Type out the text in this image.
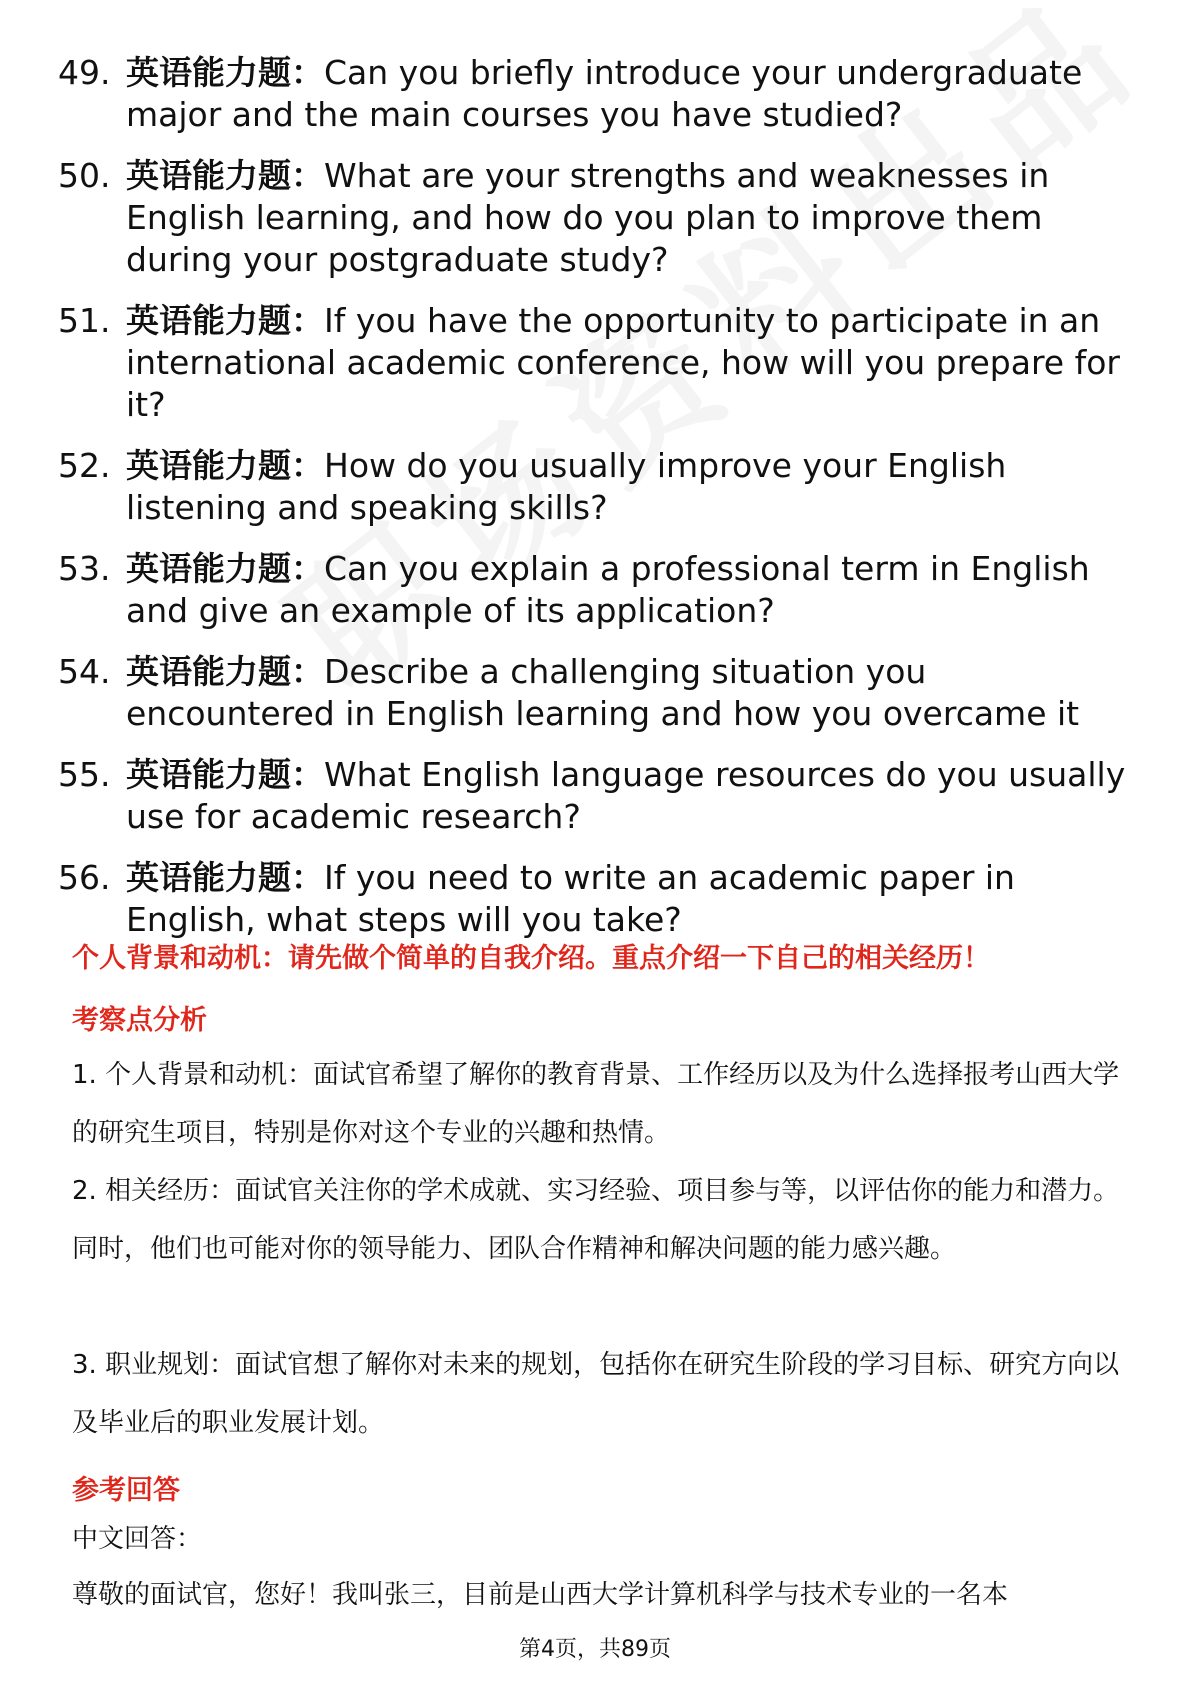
49. 英语能力题：Can you briefly introduce your undergraduate major and the main courses you have studied?
50. 英语能力题：What are your strengths and weaknesses in English learning, and how do you plan to improve them during your postgraduate study?
51. 英语能力题：If you have the opportunity to participate in an international academic conference, how will you prepare for it?
52. 英语能力题：How do you usually improve your English listening and speaking skills?
53. 英语能力题：Can you explain a professional term in English and give an example of its application?
54. 英语能力题：Describe a challenging situation you encountered in English learning and how you overcame it
55. 英语能力题：What English language resources do you usually use for academic research?
56. 英语能力题：If you need to write an academic paper in English, what steps will you take?
个人背景和动机：请先做个简单的自我介绍。重点介绍一下自己的相关经历！
考察点分析
1. 个人背景和动机：面试官希望了解你的教育背景、工作经历以及为什么选择报考山西大学的研究生项目，特别是你对这个专业的兴趣和热情。
2. 相关经历：面试官关注你的学术成就、实习经验、项目参与等，以评估你的能力和潜力。同时，他们也可能对你的领导能力、团队合作精神和解决问题的能力感兴趣。
3. 职业规划：面试官想了解你对未来的规划，包括你在研究生阶段的学习目标、研究方向以及毕业后的职业发展计划。
参考回答
中文回答：
尊敬的面试官，您好！我叫张三，目前是山西大学计算机科学与技术专业的一名本
第4页，共89页
